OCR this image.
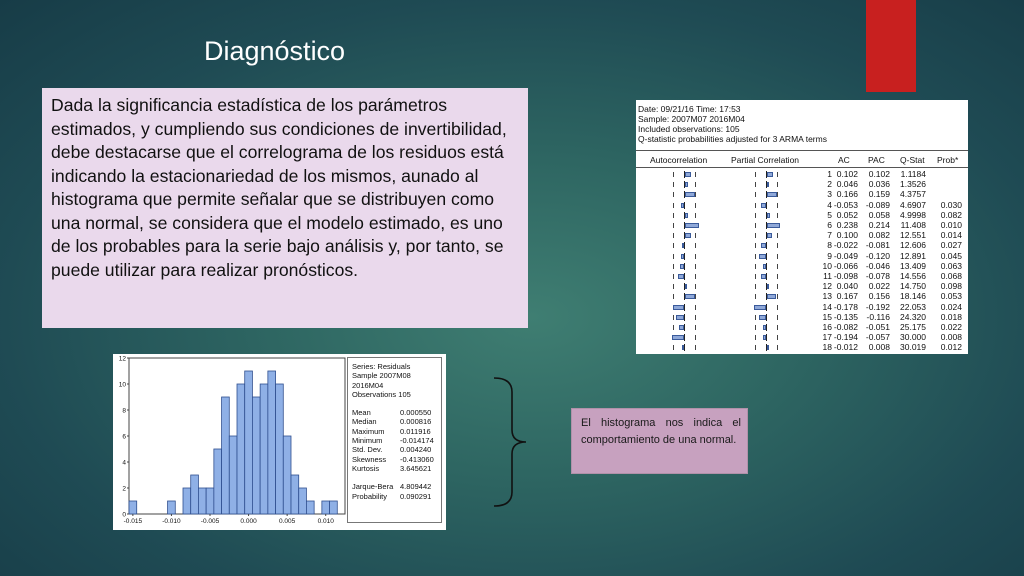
Diagnóstico
Dada la significancia estadística de los parámetros estimados, y cumpliendo sus condiciones de invertibilidad, debe destacarse que el correlograma de los residuos está indicando la estacionariedad de los mismos, aunado al histograma que permite señalar que se distribuyen como una normal, se considera que el modelo estimado, es uno de los probables para la serie bajo análisis y, por tanto, se puede utilizar para realizar pronósticos.
Date: 09/21/16 Time: 17:53
Sample: 2007M07 2016M04
Included observations: 105
Q-statistic probabilities adjusted for 3 ARMA terms
Autocorrelation	Partial Correlation	AC PAC Q-Stat Prob*
1 0.102 0.102 1.1184
2 0.046 0.036 1.3526
3 0.166 0.159 4.3757
4 -0.053 -0.089 4.6907 0.030
5 0.052 0.058 4.9998 0.082
6 0.238 0.214 11.408 0.010
7 0.100 0.082 12.551 0.014
8 -0.022 -0.081 12.606 0.027
9 -0.049 -0.120 12.891 0.045
10 -0.066 -0.046 13.409 0.063
11 -0.098 -0.078 14.556 0.068
12 0.040 0.022 14.750 0.098
13 0.167 0.156 18.146 0.053
14 -0.178 -0.192 22.053 0.024
15 -0.135 -0.116 24.320 0.018
16 -0.082 -0.051 25.175 0.022
17 -0.194 -0.057 30.000 0.008
18 -0.012 0.008 30.019 0.012
0
2
4
6
8
10
12
-0.015	-0.010	-0.005	0.000	0.005	0.010
Series: Residuals
Sample 2007M08 2016M04
Observations 105
Mean	0.000550
Median	0.000816
Maximum 0.011916
Minimum -0.014174
Std. Dev. 0.004240
Skewness -0.413060
Kurtosis	3.645621
Jarque-Bera 4.809442
Probability 0.090291
El histograma nos indica el comportamiento de una normal.
